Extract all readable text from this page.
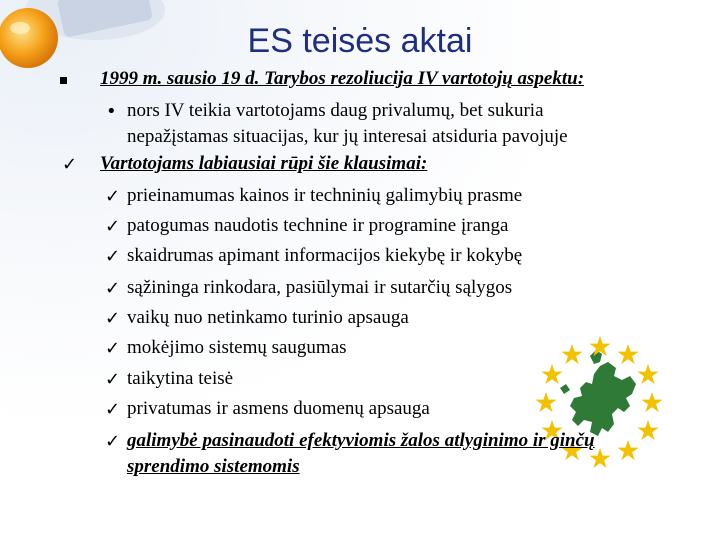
ES teisės aktai
1999 m. sausio 19 d. Tarybos rezoliucija IV vartotojų aspektu:
• nors IV teikia vartotojams daug privalumų, bet sukuria
nepažįstamas situacijas, kur jų interesai atsiduria pavojuje
✓ Vartotojams labiausiai rūpi šie klausimai:
✓ prieinamumas kainos ir techninių galimybių prasme
✓ patogumas naudotis technine ir programine įranga
✓ skaidrumas apimant informacijos kiekybę ir kokybę
✓ sąžininga rinkodara, pasiūlymai ir sutarčių sąlygos
✓ vaikų nuo netinkamo turinio apsauga
✓ mokėjimo sistemų saugumas
✓ taikytina teisė
✓ privatumas ir asmens duomenų apsauga
✓ galimybė pasinaudoti efektyviomis žalos atlyginimo ir ginčų
sprendimo sistemomis
